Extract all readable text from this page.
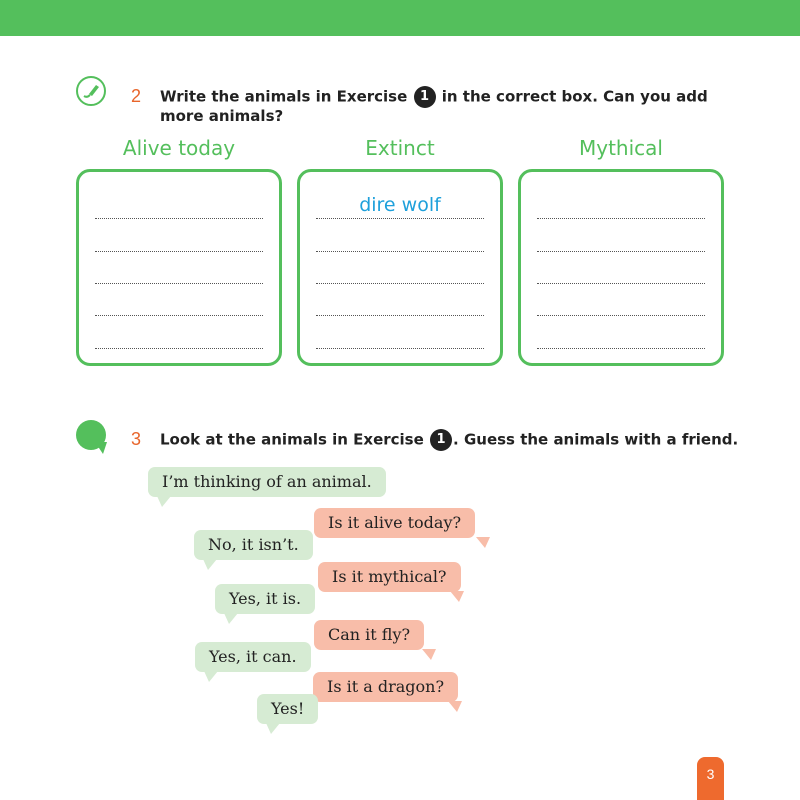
2 Write the animals in Exercise 1 in the correct box. Can you add more animals?
Alive today	Extinct	Mythical
dire wolf
3 Look at the animals in Exercise 1 . Guess the animals with a friend.
I’m thinking of an animal.
Is it alive today?
No, it isn’t.
Is it mythical?
Yes, it is.
Can it fly?
Yes, it can.
Is it a dragon?
Yes!
3
